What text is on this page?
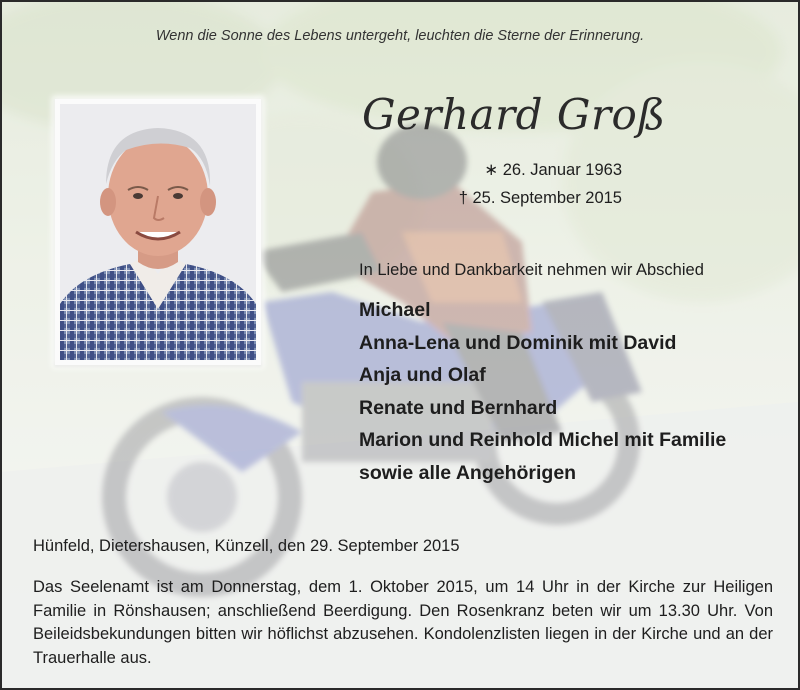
Wenn die Sonne des Lebens untergeht, leuchten die Sterne der Erinnerung.
Gerhard Groß
∗ 26. Januar 1963
† 25. September 2015
In Liebe und Dankbarkeit nehmen wir Abschied
Michael
Anna-Lena und Dominik mit David
Anja und Olaf
Renate und Bernhard
Marion und Reinhold Michel mit Familie
sowie alle Angehörigen
Hünfeld, Dietershausen, Künzell, den 29. September 2015
Das Seelenamt ist am Donnerstag, dem 1. Oktober 2015, um 14 Uhr in der Kirche zur Heiligen Familie in Rönshausen; anschließend Beerdigung. Den Rosenkranz beten wir um 13.30 Uhr. Von Beileidsbekundungen bitten wir höflichst abzusehen. Kondolenzlisten liegen in der Kirche und an der Trauerhalle aus.
